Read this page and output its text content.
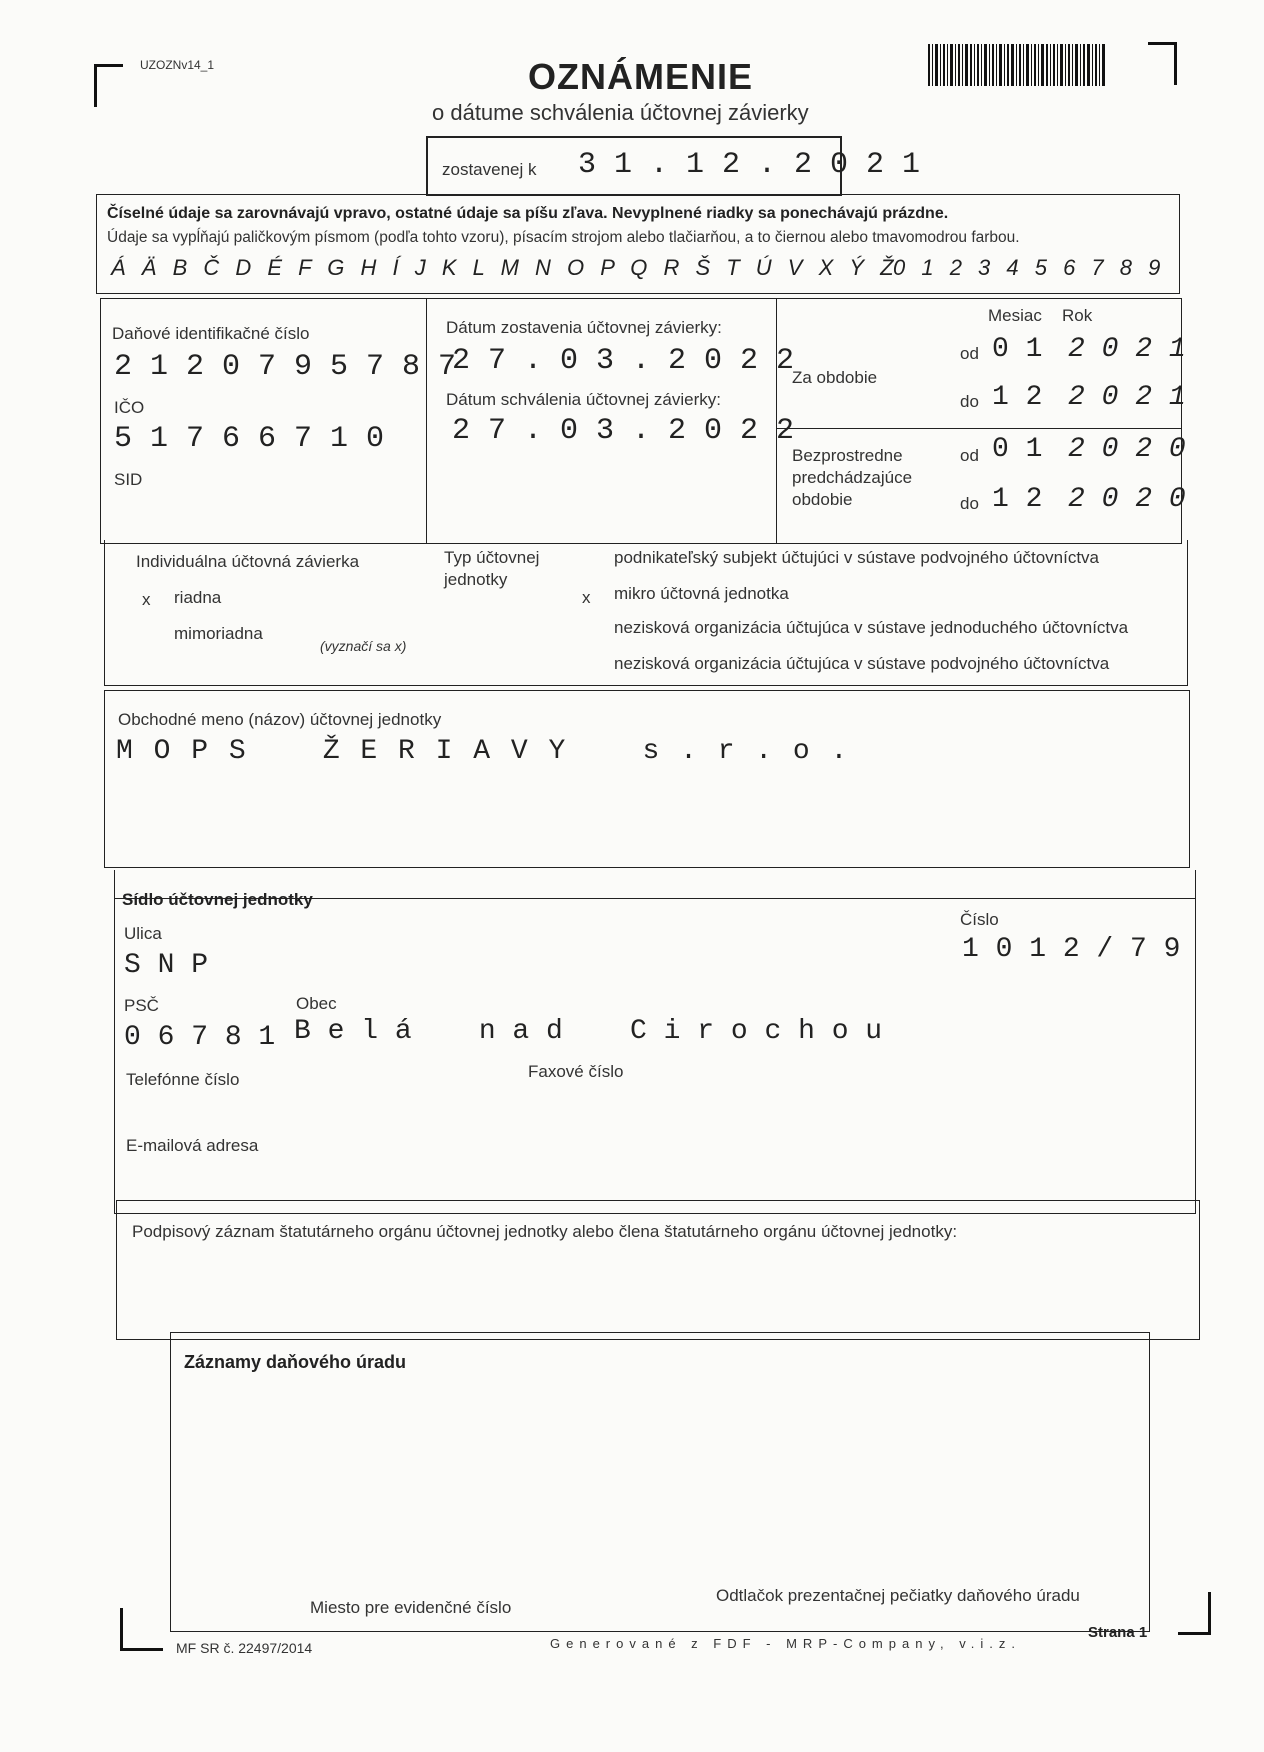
UZOZNv14_1	OZNÁMENIE
o dátume schválenia účtovnej závierky
zostavenej k 3 1 . 1 2 . 2 0 2 1
Číselné údaje sa zarovnávajú vpravo, ostatné údaje sa píšu zľava. Nevyplnené riadky sa ponechávajú prázdne.
Údaje sa vypĺňajú paličkovým písmom (podľa tohto vzoru), písacím strojom alebo tlačiarňou, a to čiernou alebo tmavomodrou farbou.
Á Ä B Č D É F G H Í J K L M N O P Q R Š T Ú V X Ý Ž
0 1 2 3 4 5 6 7 8 9
Daňové identifikačné číslo
2 1 2 0 7 9 5 7 8 7
IČO
5 1 7 6 6 7 1 0
SID
Dátum zostavenia účtovnej závierky:
2 7 . 0 3 . 2 0 2 2
Dátum schválenia účtovnej závierky:
2 7 . 0 3 . 2 0 2 2
Mesiac Rok
Za obdobie
od 0 1 2 0 2 1
do 1 2 2 0 2 1
Bezprostredne
predchádzajúce
obdobie
od 0 1 2 0 2 0
do 1 2 2 0 2 0
Individuálna účtovná závierka
x riadna
mimoriadna
(vyznačí sa x)
Typ účtovnej
jednotky
podnikateľský subjekt účtujúci v sústave podvojného účtovníctva
x mikro účtovná jednotka
nezisková organizácia účtujúca v sústave jednoduchého účtovníctva
nezisková organizácia účtujúca v sústave podvojného účtovníctva
Obchodné meno (názov) účtovnej jednotky
M O P S    Ž E R I A V Y    s . r . o .
Sídlo účtovnej jednotky
Ulica
S N P
Číslo
1 0 1 2 / 7 9
PSČ
0 6 7 8 1
Obec
B e l á    n a d    C i r o c h o u
Telefónne číslo	Faxové číslo
E-mailová adresa
Podpisový záznam štatutárneho orgánu účtovnej jednotky alebo člena štatutárneho orgánu účtovnej jednotky:
Záznamy daňového úradu
Miesto pre evidenčné číslo
Odtlačok prezentačnej pečiatky daňového úradu
MF SR č. 22497/2014	Generované z FDF - MRP-Company, v.i.z.
Strana 1
